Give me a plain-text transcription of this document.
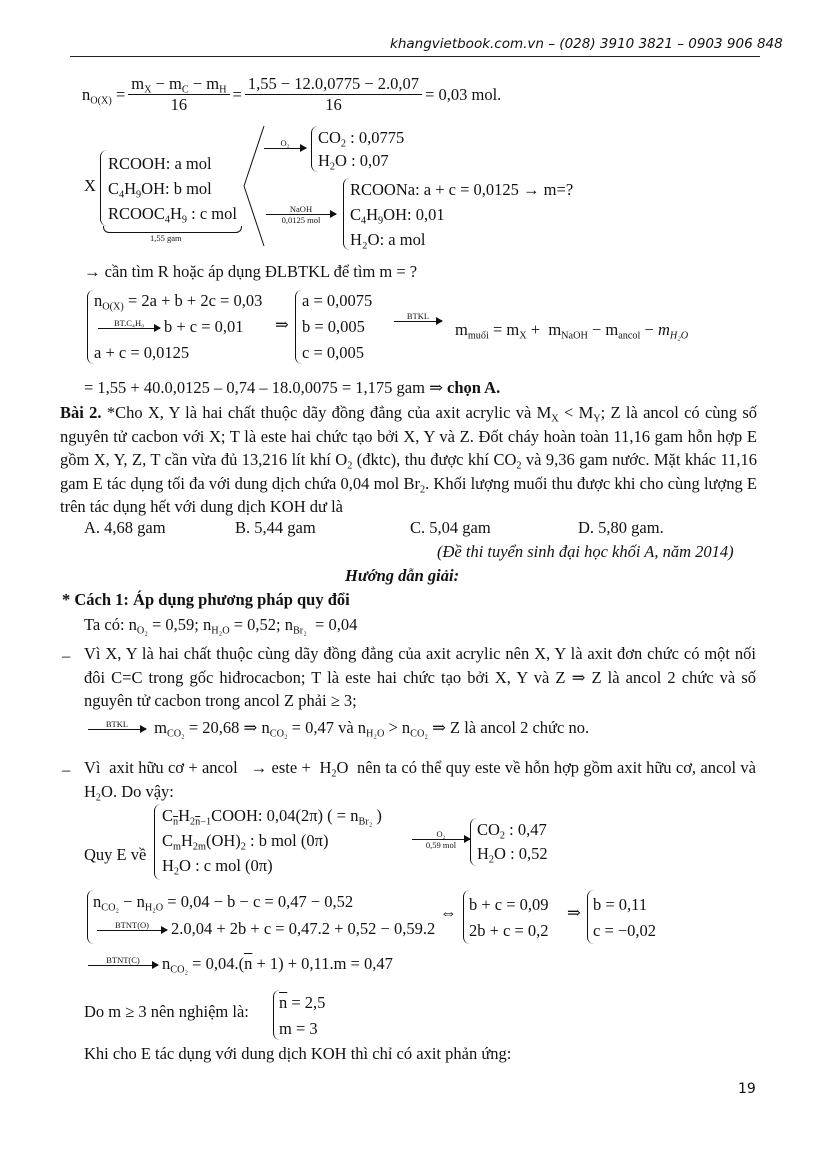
khangvietbook.com.vn – (028) 3910 3821 – 0903 906 848
$n_{O(X)} = \frac{m_X - m_C - m_H}{16} = \frac{1,55 - 12.0,0775 - 2.0,07}{16} = 0,03$ mol.
X
RCOOH: a mol
$C_4H_9OH$: b mol
$RCOOC_4H_9$ : c mol
1,55 gam
O₂
$CO_2$ : 0,0775
$H_2O$ : 0,07
NaOH
0,0125 mol
RCOONa: a + c = 0,0125 → m=?
$C_4H_9OH$: 0,01
H₂O: a mol
→ cần tìm R hoặc áp dụng ĐLBTKL để tìm m = ?
$n_{O(X)} = 2a + b + 2c = 0,03$
BT.C₄H₉
b + c = 0,01
a + c = 0,0125
⇒
a = 0,0075
b = 0,005
c = 0,005
BTKL

$m_{muối} = m_X + m_{NaOH} - m_{ancol} - m_{H_2O}$
= 1,55 + 40.0,0125 – 0,74 – 18.0,0075 = 1,175 gam ⇒ chọn A.
Bài 2. *Cho X, Y là hai chất thuộc dãy đồng đẳng của axit acrylic và $M_X < M_Y$; Z là ancol có cùng số nguyên tử cacbon với X; T là este hai chức tạo bởi X, Y và Z. Đốt cháy hoàn toàn 11,16 gam hỗn hợp E gồm X, Y, Z, T cần vừa đủ 13,216 lít khí $O_2$ (đktc), thu được khí $CO_2$ và 9,36 gam nước. Mặt khác 11,16 gam E tác dụng tối đa với dung dịch chứa 0,04 mol $Br_2$. Khối lượng muối thu được khi cho cùng lượng E trên tác dụng hết với dung dịch KOH dư là
A. 4,68 gam	B. 5,44 gam	C. 5,04 gam	D. 5,80 gam.
(Đề thi tuyển sinh đại học khối A, năm 2014)
Hướng dẫn giải:
* Cách 1: Áp dụng phương pháp quy đổi
Ta có: $n_{O_2} = 0,59$; $n_{H_2O} = 0,52$; $n_{Br_2} = 0,04$
– Vì X, Y là hai chất thuộc cùng dãy đồng đẳng của axit acrylic nên X, Y là axit đơn chức có một nối đôi C=C trong gốc hiđrocacbon; T là este hai chức tạo bởi X, Y và Z ⇒ Z là ancol 2 chức và số nguyên tử cacbon trong ancol Z phải ≥ 3;
BTKL
$m_{CO_2} = 20,68$ ⇒ $n_{CO_2} = 0,47$ và $n_{H_2O} > n_{CO_2}$ ⇒ Z là ancol 2 chức no.
– Vì  axit hữu cơ + ancol   → este +  $H_2O$  nên ta có thể quy este về hỗn hợp gồm axit hữu cơ, ancol và $H_2O$. Do vậy:
Quy E về
$C_{\overline{n}}H_{2\overline{n}-1}COOH$: 0,04(2π) ( = $n_{Br_2}$ )
$C_mH_{2m}(OH)_2$ : b mol (0π)
$H_2O$ : c mol (0π)
O₂
0,59 mol
$CO_2$ : 0,47
$H_2O$ : 0,52
$n_{CO_2} - n_{H_2O} = 0,04 - b - c = 0,47 - 0,52$
BTNT(O)
2.0,04 + 2b + c = 0,47.2 + 0,52 − 0,59.2
⇔ b + c = 0,09
2b + c = 0,2
⇒ b = 0,11
c = −0,02
BTNT(C)
$n_{CO_2} = 0,04.(\overline{n} + 1) + 0,11.m = 0,47$
Do m ≥ 3 nên nghiệm là: $\overline{n} = 2,5$
m = 3
Khi cho E tác dụng với dung dịch KOH thì chỉ có axit phản ứng:
19
